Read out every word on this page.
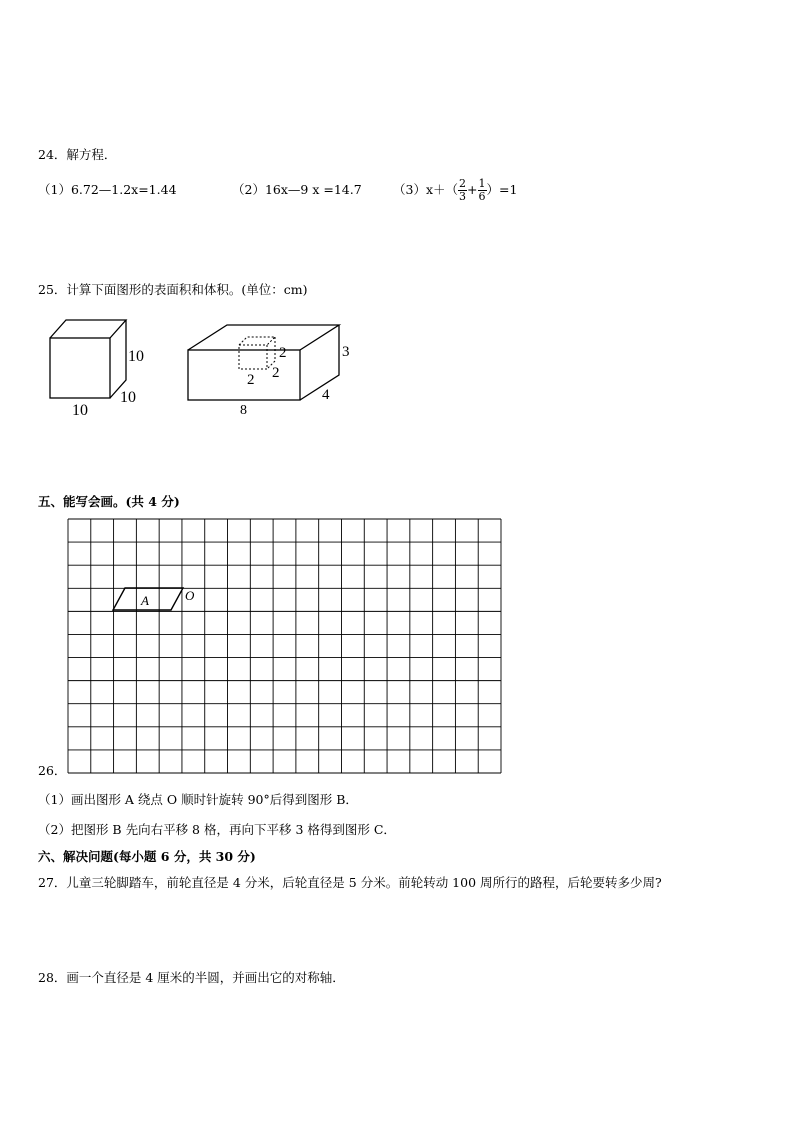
24．解方程．
（1）6.72—1.2x=1.44	（2）16x—9 x =14.7	$(3)x+( \frac{2}{3} + \frac{1}{6} )=1$
25．计算下面图形的表面积和体积。(单位：cm)
10
10
10
2
2
2
3
4
8
五、能写会画。(共 4 分)
A	O
26．
（1）画出图形 A 绕点 O 顺时针旋转 90°后得到图形 B．
（2）把图形 B 先向右平移 8 格，再向下平移 3 格得到图形 C．
六、解决问题(每小题 6 分，共 30 分)
27．儿童三轮脚踏车，前轮直径是 4 分米，后轮直径是 5 分米。前轮转动 100 周所行的路程，后轮要转多少周?
28．画一个直径是 4 厘米的半圆，并画出它的对称轴．
